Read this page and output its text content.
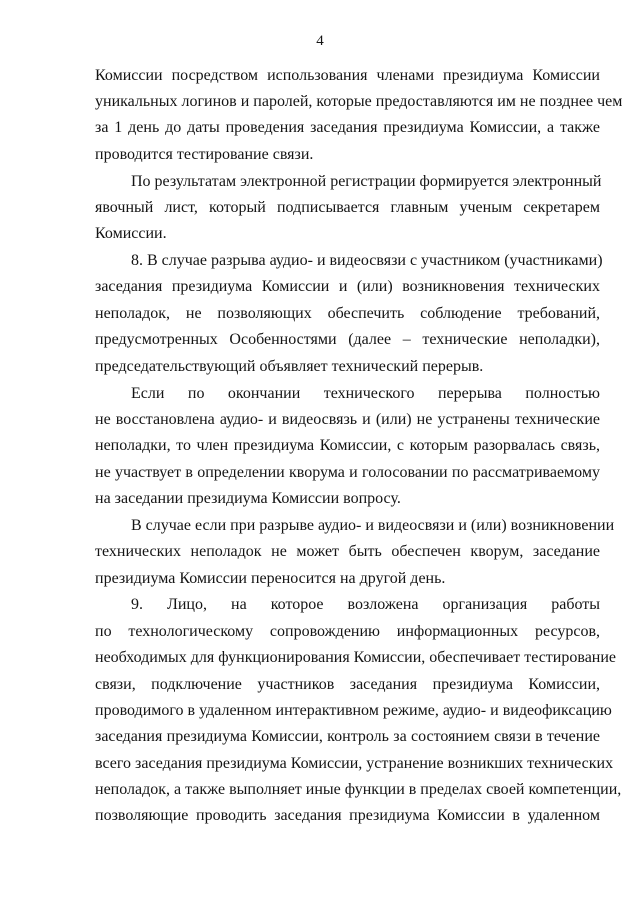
4
Комиссии посредством использования членами президиума Комиссии
уникальных логинов и паролей, которые предоставляются им не позднее чем
за 1 день до даты проведения заседания президиума Комиссии, а также
проводится тестирование связи.
По результатам электронной регистрации формируется электронный
явочный лист, который подписывается главным ученым секретарем
Комиссии.
8. В случае разрыва аудио- и видеосвязи с участником (участниками)
заседания президиума Комиссии и (или) возникновения технических
неполадок, не позволяющих обеспечить соблюдение требований,
предусмотренных Особенностями (далее – технические неполадки),
председательствующий объявляет технический перерыв.
Если по окончании технического перерыва полностью
не восстановлена аудио- и видеосвязь и (или) не устранены технические
неполадки, то член президиума Комиссии, с которым разорвалась связь,
не участвует в определении кворума и голосовании по рассматриваемому
на заседании президиума Комиссии вопросу.
В случае если при разрыве аудио- и видеосвязи и (или) возникновении
технических неполадок не может быть обеспечен кворум, заседание
президиума Комиссии переносится на другой день.
9. Лицо, на которое возложена организация работы
по технологическому сопровождению информационных ресурсов,
необходимых для функционирования Комиссии, обеспечивает тестирование
связи, подключение участников заседания президиума Комиссии,
проводимого в удаленном интерактивном режиме, аудио- и видеофиксацию
заседания президиума Комиссии, контроль за состоянием связи в течение
всего заседания президиума Комиссии, устранение возникших технических
неполадок, а также выполняет иные функции в пределах своей компетенции,
позволяющие проводить заседания президиума Комиссии в удаленном
